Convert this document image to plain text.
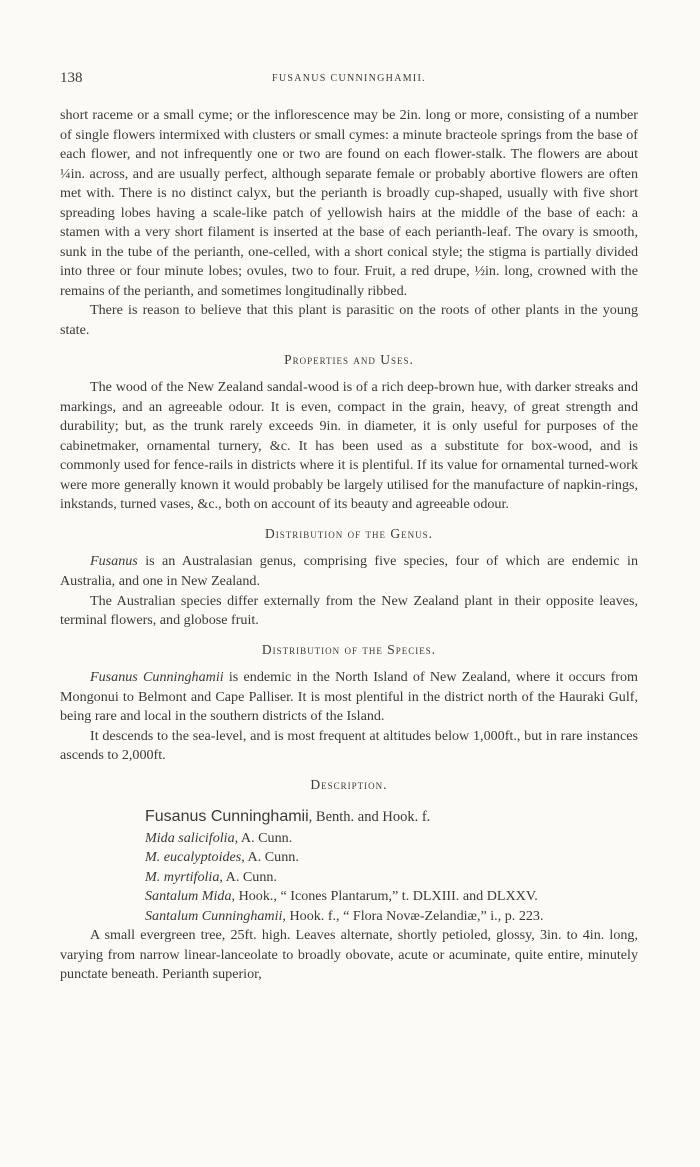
138	FUSANUS CUNNINGHAMII.

short raceme or a small cyme; or the inflorescence may be 2in. long or more, consisting of a number of single flowers intermixed with clusters or small cymes: a minute bracteole springs from the base of each flower, and not infrequently one or two are found on each flower-stalk. The flowers are about ¼in. across, and are usually perfect, although separate female or probably abortive flowers are often met with. There is no distinct calyx, but the perianth is broadly cup-shaped, usually with five short spreading lobes having a scale-like patch of yellowish hairs at the middle of the base of each: a stamen with a very short filament is inserted at the base of each perianth-leaf. The ovary is smooth, sunk in the tube of the perianth, one-celled, with a short conical style; the stigma is partially divided into three or four minute lobes; ovules, two to four. Fruit, a red drupe, ½in. long, crowned with the remains of the perianth, and sometimes longitudinally ribbed.

There is reason to believe that this plant is parasitic on the roots of other plants in the young state.

Properties and Uses.

The wood of the New Zealand sandal-wood is of a rich deep-brown hue, with darker streaks and markings, and an agreeable odour. It is even, compact in the grain, heavy, of great strength and durability; but, as the trunk rarely exceeds 9in. in diameter, it is only useful for purposes of the cabinetmaker, ornamental turnery, &c. It has been used as a substitute for box-wood, and is commonly used for fence-rails in districts where it is plentiful. If its value for ornamental turned-work were more generally known it would probably be largely utilised for the manufacture of napkin-rings, inkstands, turned vases, &c., both on account of its beauty and agreeable odour.

Distribution of the Genus.

Fusanus is an Australasian genus, comprising five species, four of which are endemic in Australia, and one in New Zealand.

The Australian species differ externally from the New Zealand plant in their opposite leaves, terminal flowers, and globose fruit.

Distribution of the Species.

Fusanus Cunninghamii is endemic in the North Island of New Zealand, where it occurs from Mongonui to Belmont and Cape Palliser. It is most plentiful in the district north of the Hauraki Gulf, being rare and local in the southern districts of the Island.

It descends to the sea-level, and is most frequent at altitudes below 1,000ft., but in rare instances ascends to 2,000ft.

Description.

Fusanus Cunninghamii, Benth. and Hook. f.

Mida salicifolia, A. Cunn.

M. eucalyptoides, A. Cunn.

M. myrtifolia, A. Cunn.

Santalum Mida, Hook., “ Icones Plantarum,” t. DLXIII. and DLXXV.

Santalum Cunninghamii, Hook. f., “ Flora Novæ-Zelandiæ,” i., p. 223.

A small evergreen tree, 25ft. high. Leaves alternate, shortly petioled, glossy, 3in. to 4in. long, varying from narrow linear-lanceolate to broadly obovate, acute or acuminate, quite entire, minutely punctate beneath. Perianth superior,
